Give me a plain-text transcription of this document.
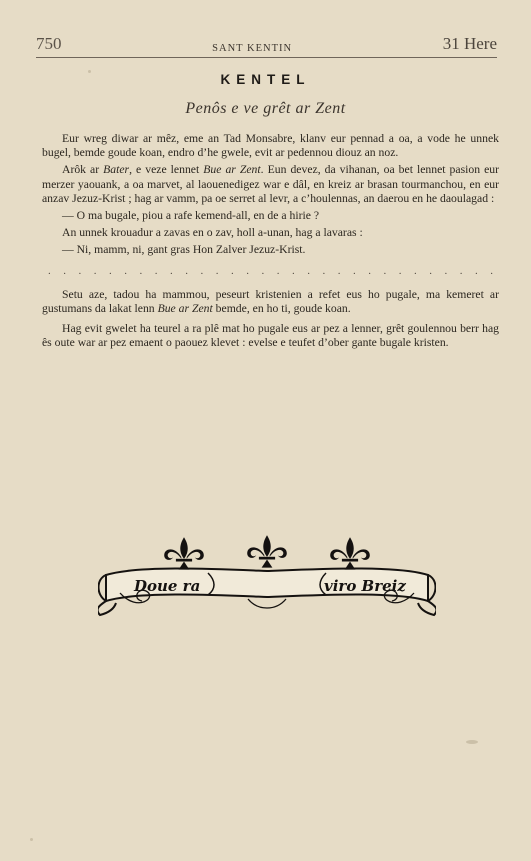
750	SANT KENTIN	31 Here
KENTEL
Penôs e ve grêt ar Zent

Eur wreg diwar ar mêz, eme an Tad Monsabre, klanv eur pennad a oa, a vode he unnek bugel, bemde goude koan, endro d’he gwele, evit ar pedennou diouz an noz.

Arôk ar Bater, e veze lennet Bue ar Zent. Eun devez, da vihanan, oa bet lennet pasion eur merzer yaouank, a oa marvet, al laouenedigez war e dâl, en kreiz ar brasan tourmanchou, en eur anzav Jezuz-Krist ; hag ar vamm, pa oe serret al levr, a c’houlennas, an daerou en he daoulagad :

— O ma bugale, piou a rafe kemend-all, en de a hirie ?

An unnek krouadur a zavas en o zav, holl a-unan, hag a lavaras :

— Ni, mamm, ni, gant gras Hon Zalver Jezuz-Krist.

. . . . . . . . . . . . . . . . . . . . . . . . . . . . . .

Setu aze, tadou ha mammou, peseurt kristenien a refet eus ho pugale, ma kemeret ar gustumans da lakat lenn Bue ar Zent bemde, en ho ti, goude koan.

Hag evit gwelet ha teurel a ra plê mat ho pugale eus ar pez a lenner, grêt goulennou berr hag ês oute war ar pez emaent o paouez klevet : evelse e teufet d’ober gante bugale kristen.

Doue ra	viro Breiz
